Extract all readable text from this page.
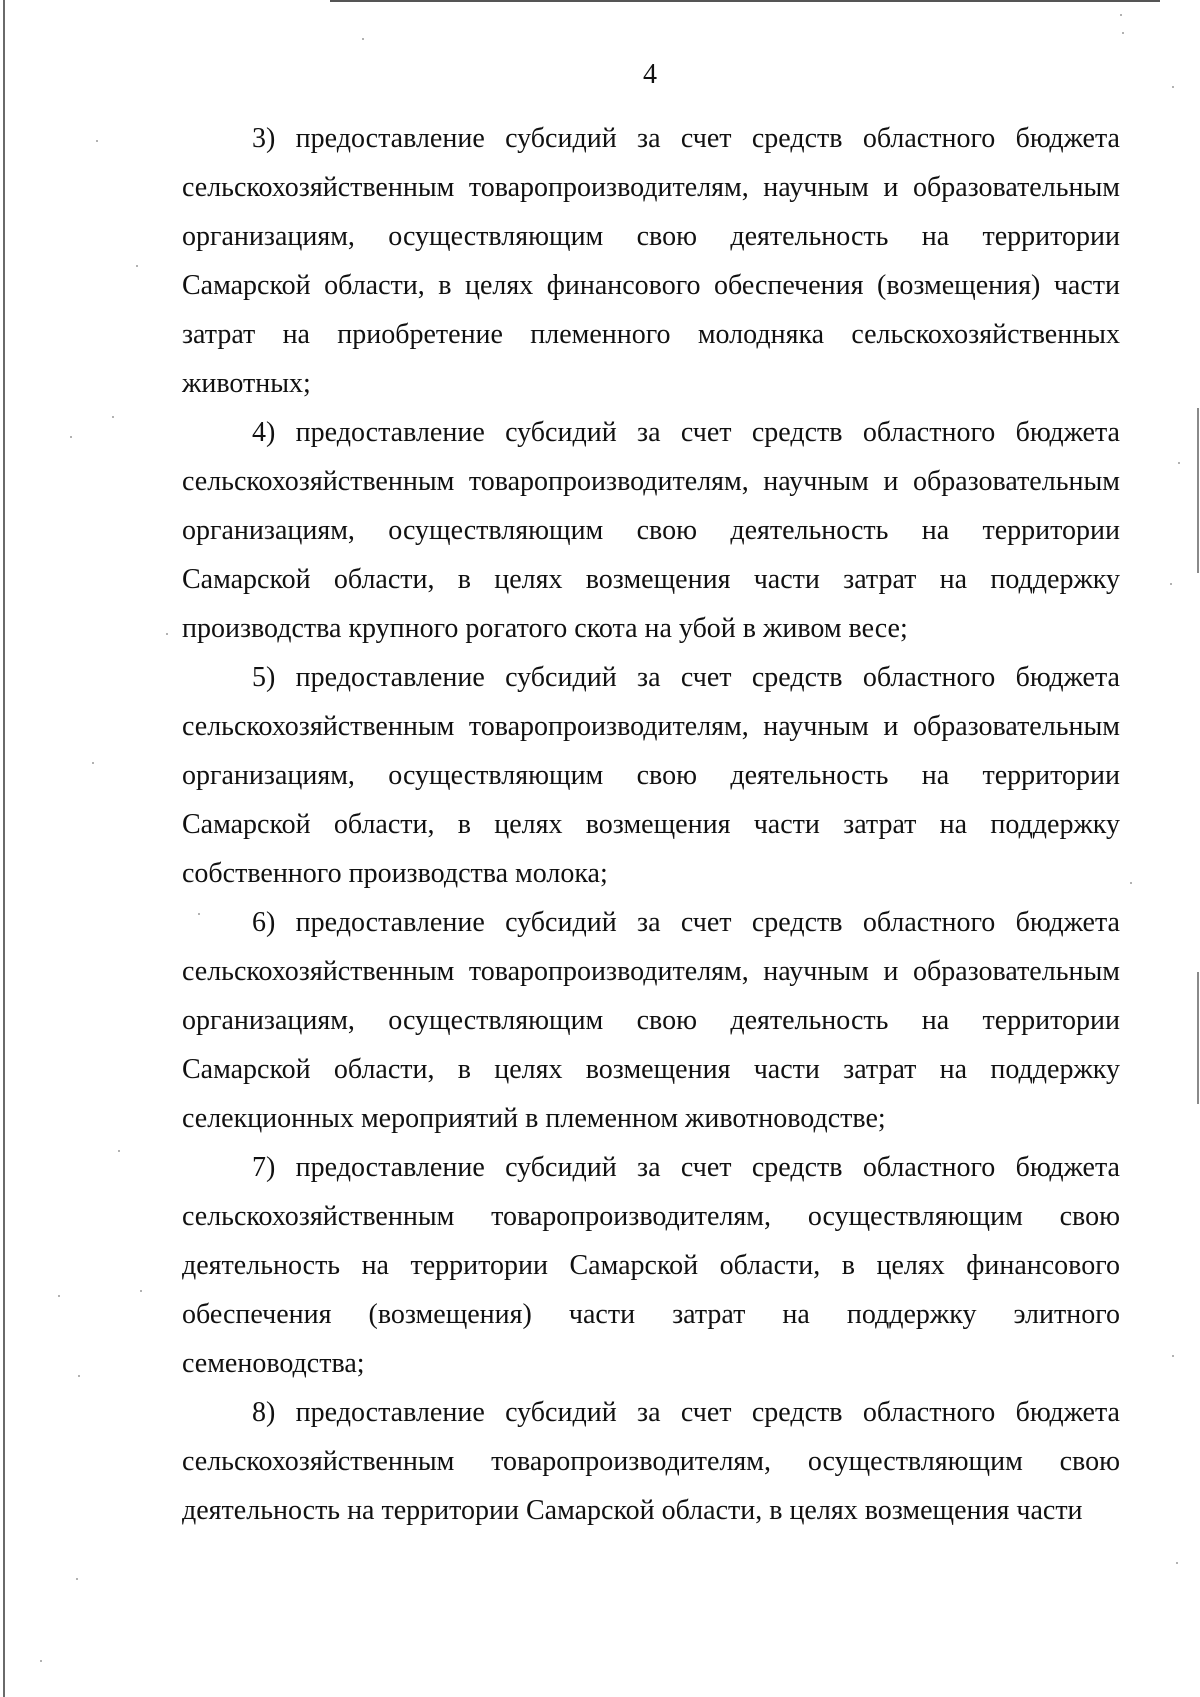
4
3) предоставление субсидий за счет средств областного бюджета
сельскохозяйственным товаропроизводителям, научным и образовательным
организациям, осуществляющим свою деятельность на территории
Самарской области, в целях финансового обеспечения (возмещения) части
затрат на приобретение племенного молодняка сельскохозяйственных
животных;
4) предоставление субсидий за счет средств областного бюджета
сельскохозяйственным товаропроизводителям, научным и образовательным
организациям, осуществляющим свою деятельность на территории
Самарской области, в целях возмещения части затрат на поддержку
производства крупного рогатого скота на убой в живом весе;
5) предоставление субсидий за счет средств областного бюджета
сельскохозяйственным товаропроизводителям, научным и образовательным
организациям, осуществляющим свою деятельность на территории
Самарской области, в целях возмещения части затрат на поддержку
собственного производства молока;
6) предоставление субсидий за счет средств областного бюджета
сельскохозяйственным товаропроизводителям, научным и образовательным
организациям, осуществляющим свою деятельность на территории
Самарской области, в целях возмещения части затрат на поддержку
селекционных мероприятий в племенном животноводстве;
7) предоставление субсидий за счет средств областного бюджета
сельскохозяйственным товаропроизводителям, осуществляющим свою
деятельность на территории Самарской области, в целях финансового
обеспечения (возмещения) части затрат на поддержку элитного
семеноводства;
8) предоставление субсидий за счет средств областного бюджета
сельскохозяйственным товаропроизводителям, осуществляющим свою
деятельность на территории Самарской области, в целях возмещения части
